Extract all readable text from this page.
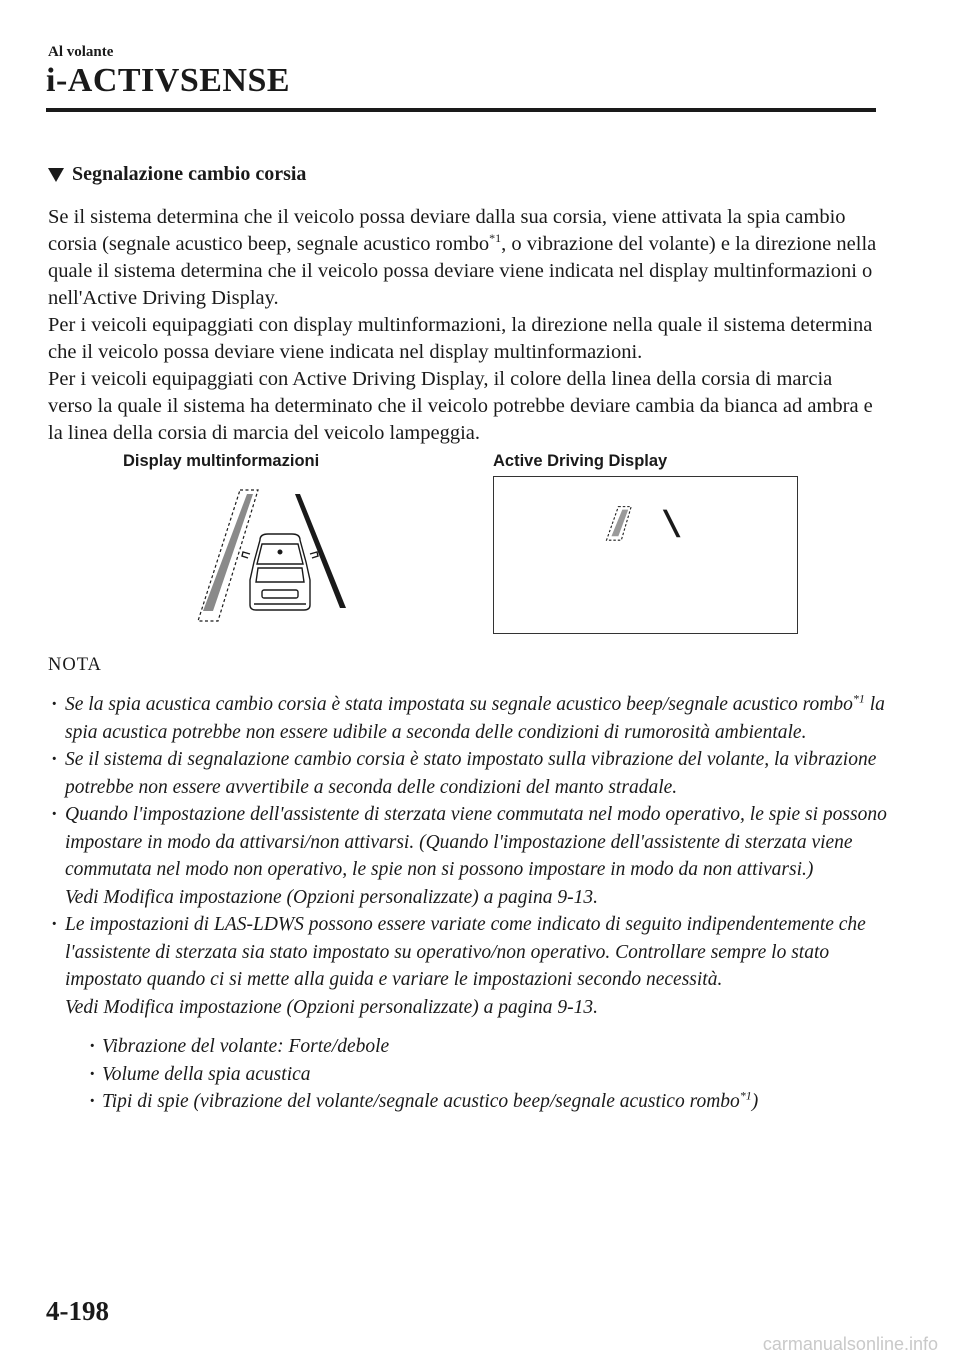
Al volante
i-ACTIVSENSE
Segnalazione cambio corsia

Se il sistema determina che il veicolo possa deviare dalla sua corsia, viene attivata la spia cambio corsia (segnale acustico beep, segnale acustico rombo$^{*1}$, o vibrazione del volante) e la direzione nella quale il sistema determina che il veicolo possa deviare viene indicata nel display multinformazioni o nell'Active Driving Display.

Per i veicoli equipaggiati con display multinformazioni, la direzione nella quale il sistema determina che il veicolo possa deviare viene indicata nel display multinformazioni.

Per i veicoli equipaggiati con Active Driving Display, il colore della linea della corsia di marcia verso la quale il sistema ha determinato che il veicolo potrebbe deviare cambia da bianca ad ambra e la linea della corsia di marcia del veicolo lampeggia.

Display multinformazioni	Active Driving Display
NOTA
· Se la spia acustica cambio corsia è stata impostata su segnale acustico beep/segnale acustico rombo$^{*1}$ la spia acustica potrebbe non essere udibile a seconda delle condizioni di rumorosità ambientale.
· Se il sistema di segnalazione cambio corsia è stato impostato sulla vibrazione del volante, la vibrazione potrebbe non essere avvertibile a seconda delle condizioni del manto stradale.
· Quando l'impostazione dell'assistente di sterzata viene commutata nel modo operativo, le spie si possono impostare in modo da attivarsi/non attivarsi. (Quando l'impostazione dell'assistente di sterzata viene commutata nel modo non operativo, le spie non si possono impostare in modo da non attivarsi.)
Vedi Modifica impostazione (Opzioni personalizzate) a pagina 9-13.
· Le impostazioni di LAS-LDWS possono essere variate come indicato di seguito indipendentemente che l'assistente di sterzata sia stato impostato su operativo/non operativo. Controllare sempre lo stato impostato quando ci si mette alla guida e variare le impostazioni secondo necessità.
Vedi Modifica impostazione (Opzioni personalizzate) a pagina 9-13.
· Vibrazione del volante: Forte/debole
· Volume della spia acustica
· Tipi di spie (vibrazione del volante/segnale acustico beep/segnale acustico rombo$^{*1}$)
4-198
carmanualsonline.info
